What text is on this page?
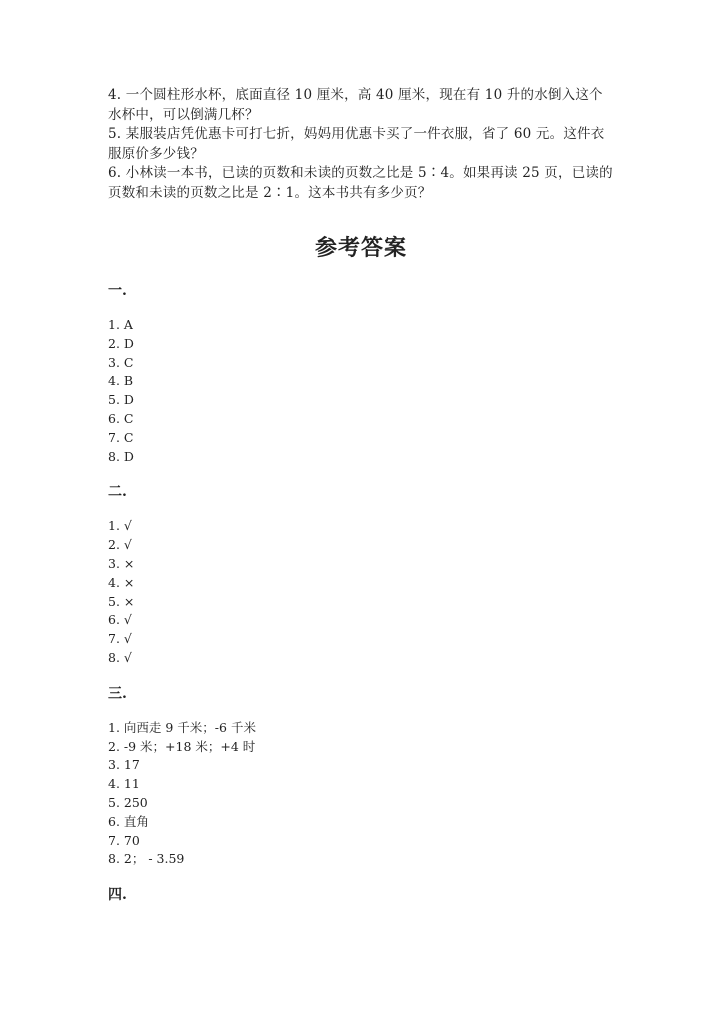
4. 一个圆柱形水杯，底面直径 10 厘米，高 40 厘米，现在有 10 升的水倒入这个水杯中，可以倒满几杯？

5. 某服装店凭优惠卡可打七折，妈妈用优惠卡买了一件衣服，省了 60 元。这件衣服原价多少钱？

6. 小林读一本书，已读的页数和未读的页数之比是 5∶4。如果再读 25 页，已读的页数和未读的页数之比是 2∶1。这本书共有多少页？

参考答案
一.
1. A
2. D
3. C
4. B
5. D
6. C
7. C
8. D
二.
1. √
2. √
3. ×
4. ×
5. ×
6. √
7. √
8. √
三.
1. 向西走 9 千米；-6 千米
2. -9 米；+18 米；+4 时
3. 17
4. 11
5. 250
6. 直角
7. 70
8. 2； - 3.59
四.
